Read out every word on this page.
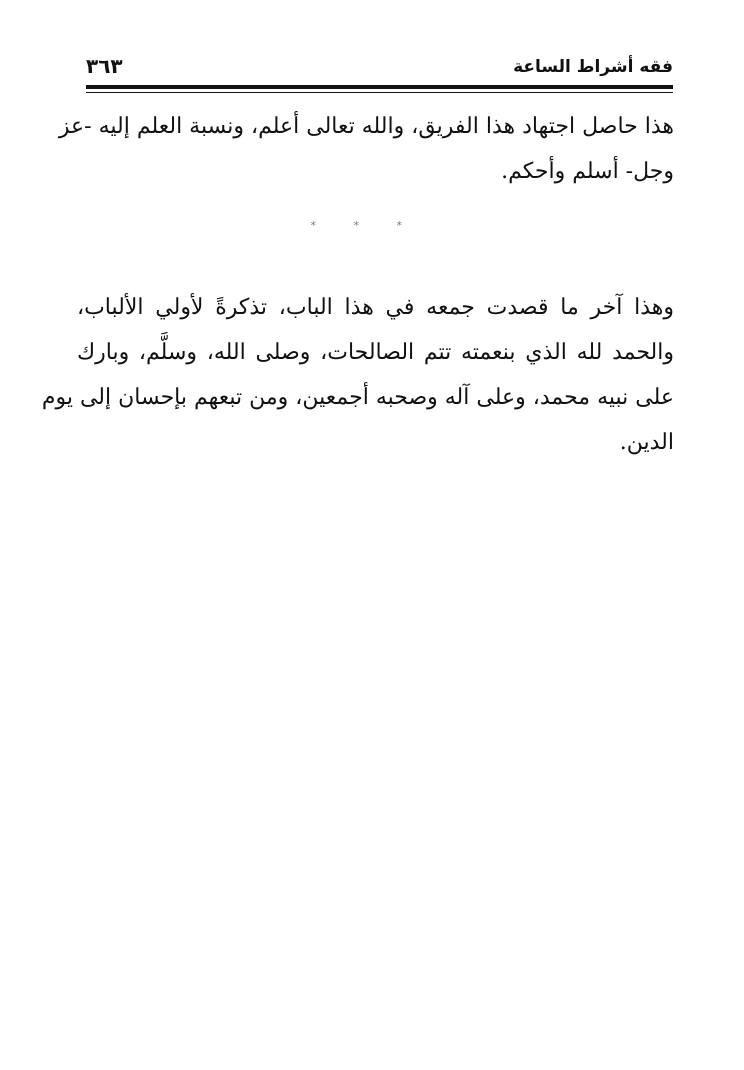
فقه أشراط الساعة
٣٦٣
هذا حاصل اجتهاد هذا الفريق، والله تعالى أعلم، ونسبة العلم إليه -عز
وجل- أسلم وأحكم.
* * *
وهذا آخر ما قصدت جمعه في هذا الباب، تذكرةً لأولي الألباب،
والحمد لله الذي بنعمته تتم الصالحات، وصلى الله، وسلَّم، وبارك
على نبيه محمد، وعلى آله وصحبه أجمعين، ومن تبعهم بإحسان إلى يوم
الدين.
